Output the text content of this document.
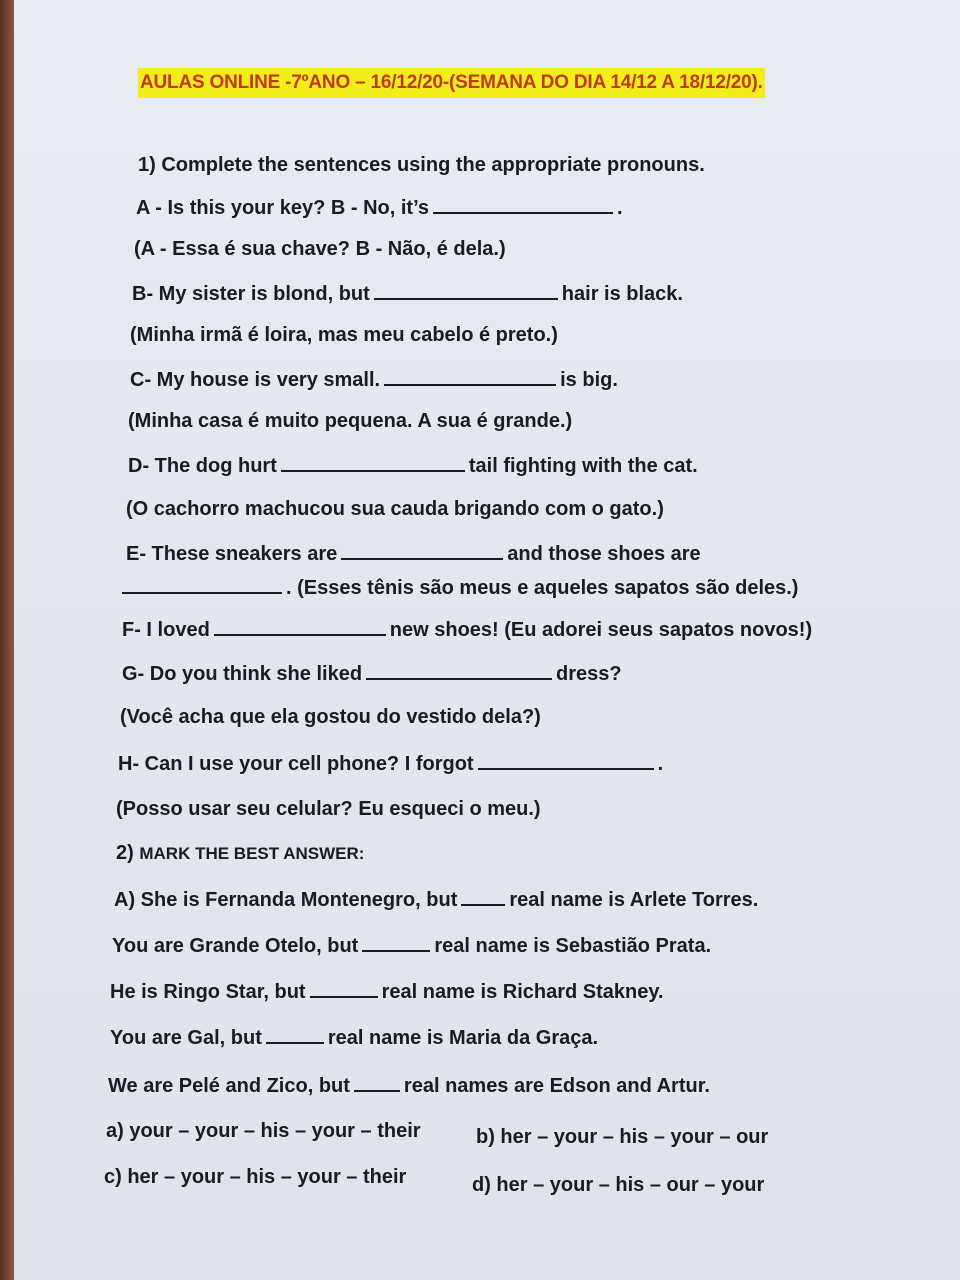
AULAS ONLINE -7ºANO – 16/12/20-(SEMANA DO DIA 14/12 A 18/12/20).
1) Complete the sentences using the appropriate pronouns.
A - Is this your key? B - No, it’s	.
(A - Essa é sua chave? B - Não, é dela.)
B- My sister is blond, but	hair is black.
(Minha irmã é loira, mas meu cabelo é preto.)
C- My house is very small.	is big.
(Minha casa é muito pequena. A sua é grande.)
D- The dog hurt	tail fighting with the cat.
(O cachorro machucou sua cauda brigando com o gato.)
E- These sneakers are	and those shoes are
. (Esses tênis são meus e aqueles sapatos são deles.)
F- I loved	new shoes! (Eu adorei seus sapatos novos!)
G- Do you think she liked	dress?
(Você acha que ela gostou do vestido dela?)
H- Can I use your cell phone? I forgot	.
(Posso usar seu celular? Eu esqueci o meu.)
2) MARK THE BEST ANSWER:
A) She is Fernanda Montenegro, but	real name is Arlete Torres.
You are Grande Otelo, but	real name is Sebastião Prata.
He is Ringo Star, but	real name is Richard Stakney.
You are Gal, but	real name is Maria da Graça.
We are Pelé and Zico, but	real names are Edson and Artur.
a) your – your – his – your – their	b) her – your – his – your – our
c) her – your – his – your – their	d) her – your – his – our – your
